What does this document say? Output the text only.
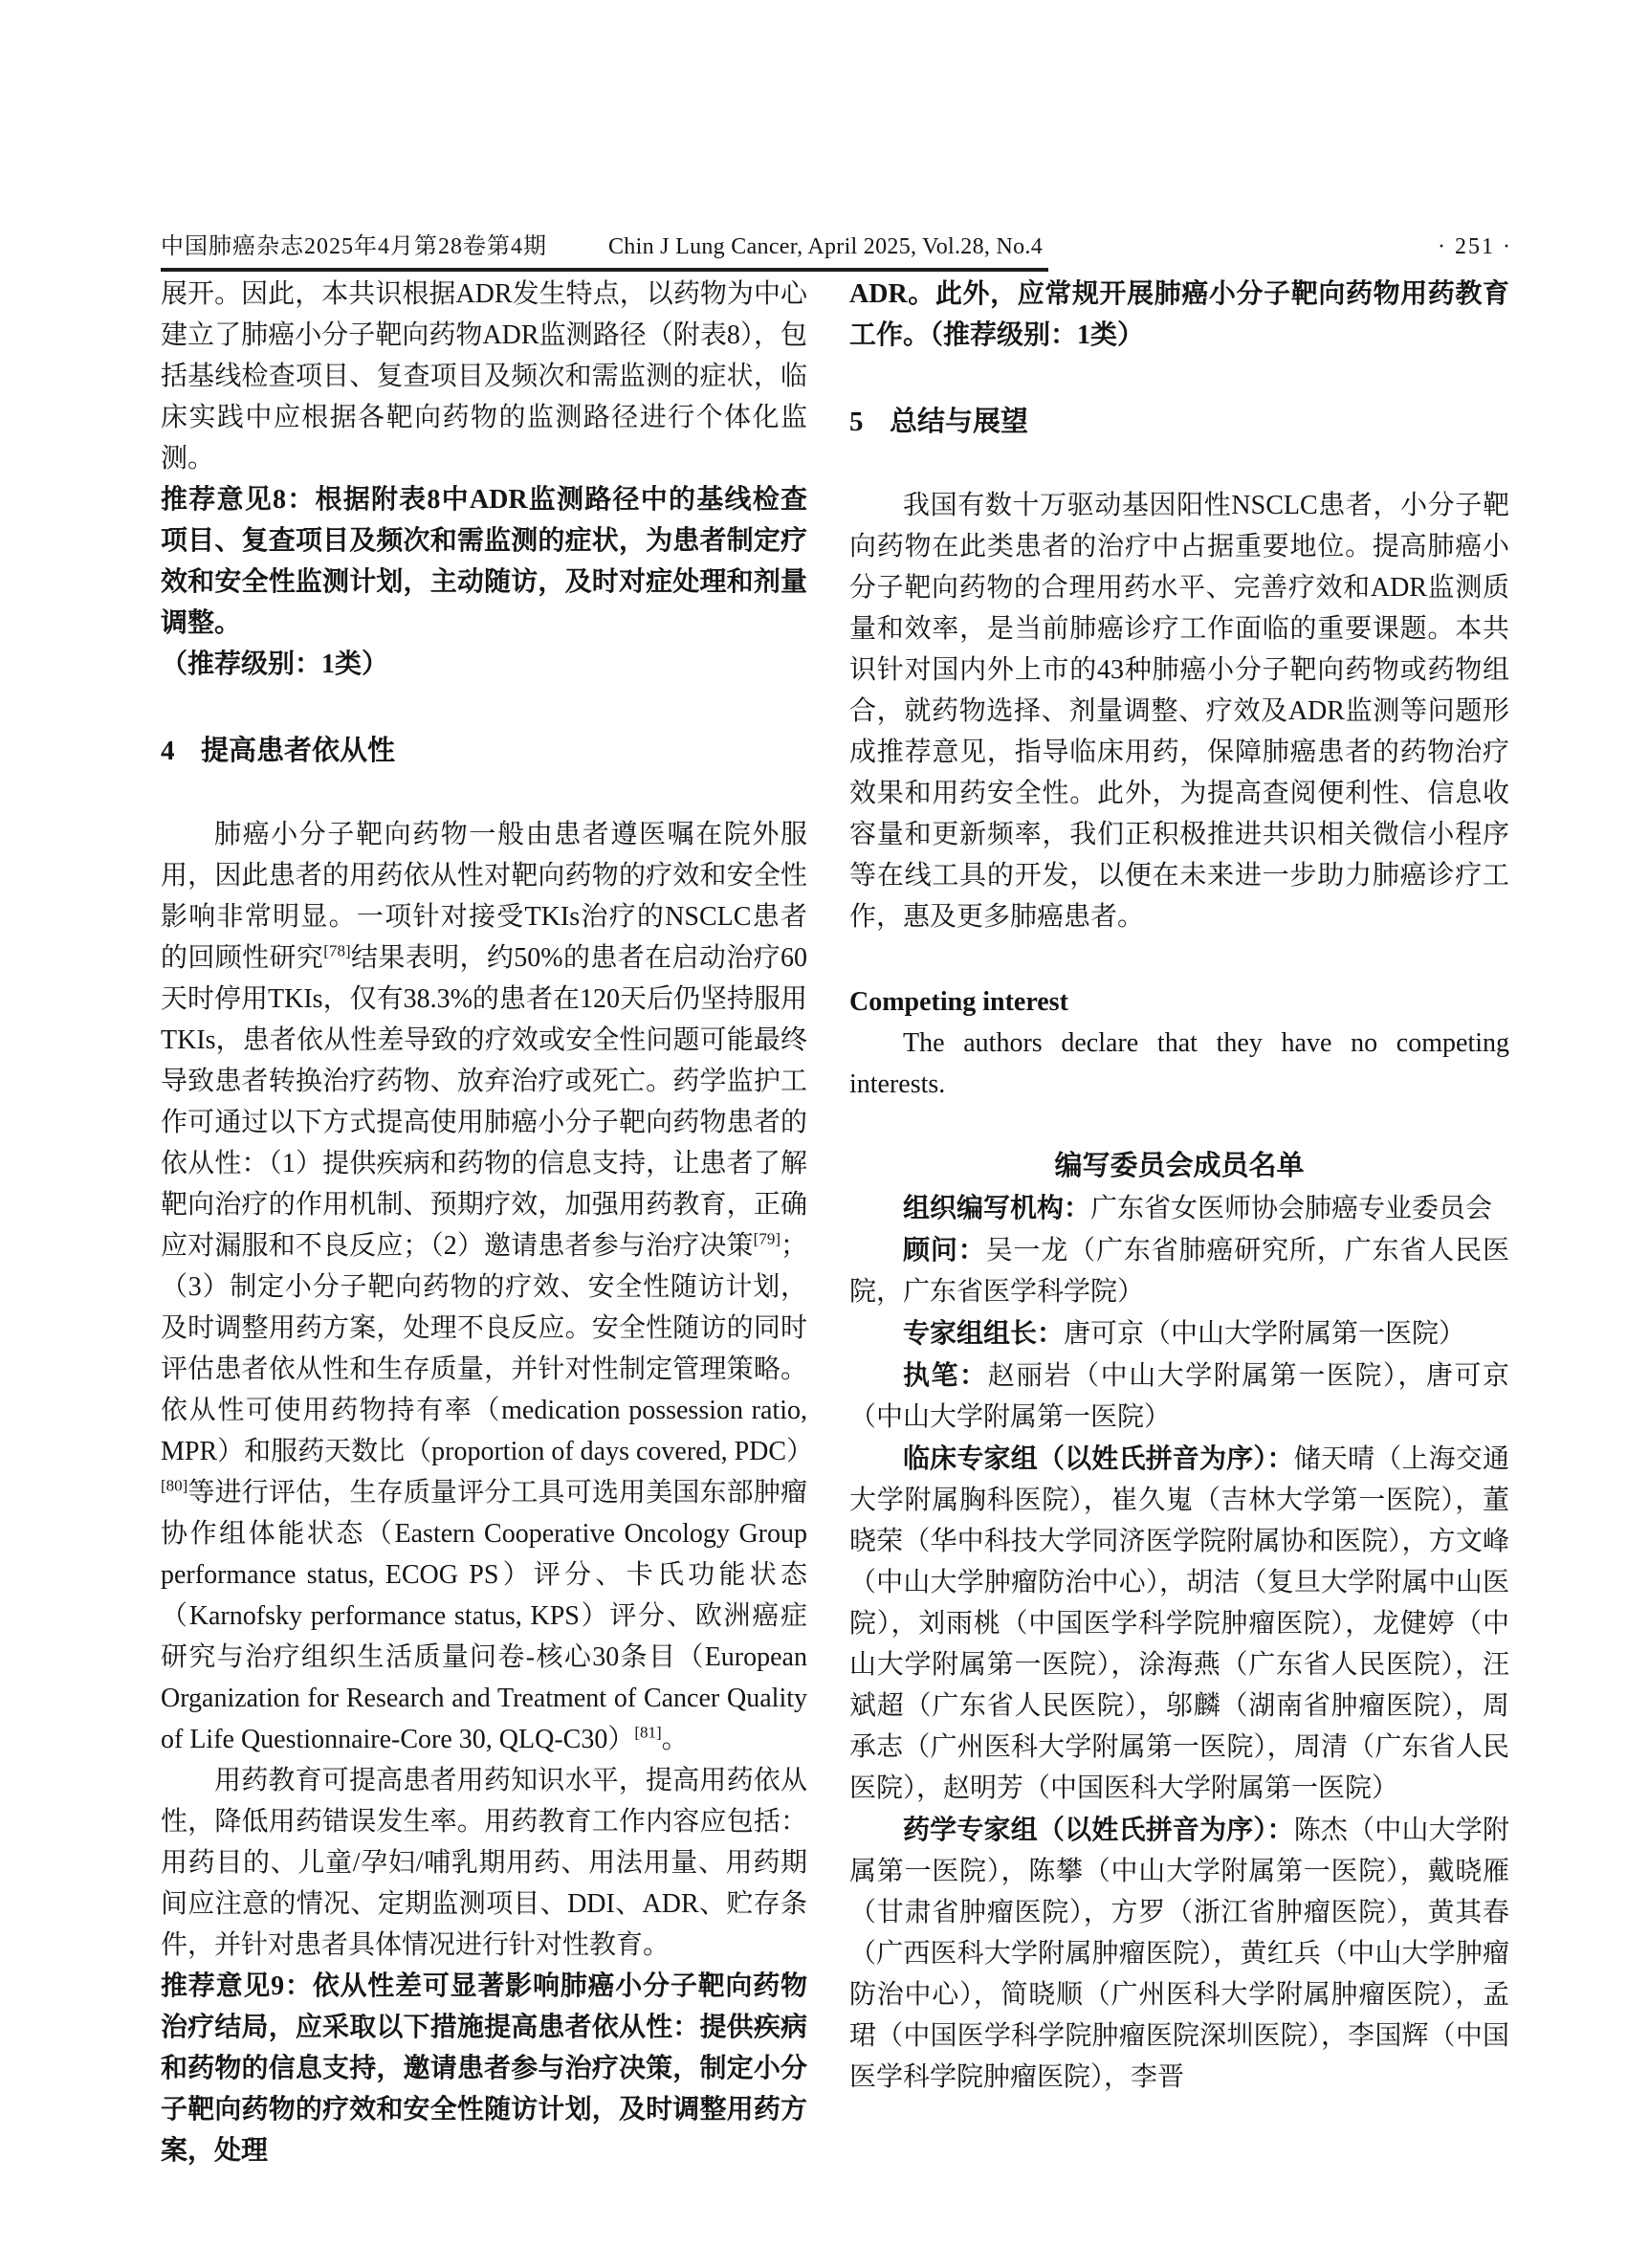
中国肺癌杂志2025年4月第28卷第4期	Chin J Lung Cancer, April 2025, Vol.28, No.4	· 251 ·

展开。因此，本共识根据ADR发生特点，以药物为中心建立了肺癌小分子靶向药物ADR监测路径（附表8），包括基线检查项目、复查项目及频次和需监测的症状，临床实践中应根据各靶向药物的监测路径进行个体化监测。

推荐意见8：根据附表8中ADR监测路径中的基线检查项目、复查项目及频次和需监测的症状，为患者制定疗效和安全性监测计划，主动随访，及时对症处理和剂量调整。

（推荐级别：1类）

4 提高患者依从性

肺癌小分子靶向药物一般由患者遵医嘱在院外服用，因此患者的用药依从性对靶向药物的疗效和安全性影响非常明显。一项针对接受TKIs治疗的NSCLC患者的回顾性研究[78]结果表明，约50%的患者在启动治疗60天时停用TKIs，仅有38.3%的患者在120天后仍坚持服用TKIs，患者依从性差导致的疗效或安全性问题可能最终导致患者转换治疗药物、放弃治疗或死亡。药学监护工作可通过以下方式提高使用肺癌小分子靶向药物患者的依从性：（1）提供疾病和药物的信息支持，让患者了解靶向治疗的作用机制、预期疗效，加强用药教育，正确应对漏服和不良反应；（2）邀请患者参与治疗决策[79]；（3）制定小分子靶向药物的疗效、安全性随访计划，及时调整用药方案，处理不良反应。安全性随访的同时评估患者依从性和生存质量，并针对性制定管理策略。依从性可使用药物持有率（medication possession ratio, MPR）和服药天数比（proportion of days covered, PDC）[80]等进行评估，生存质量评分工具可选用美国东部肿瘤协作组体能状态（Eastern Cooperative Oncology Group performance status, ECOG PS）评分、卡氏功能状态（Karnofsky performance status, KPS）评分、欧洲癌症研究与治疗组织生活质量问卷-核心30条目（European Organization for Research and Treatment of Cancer Quality of Life Questionnaire-Core 30, QLQ-C30）[81]。

用药教育可提高患者用药知识水平，提高用药依从性，降低用药错误发生率。用药教育工作内容应包括：用药目的、儿童/孕妇/哺乳期用药、用法用量、用药期间应注意的情况、定期监测项目、DDI、ADR、贮存条件，并针对患者具体情况进行针对性教育。

推荐意见9：依从性差可显著影响肺癌小分子靶向药物治疗结局，应采取以下措施提高患者依从性：提供疾病和药物的信息支持，邀请患者参与治疗决策，制定小分子靶向药物的疗效和安全性随访计划，及时调整用药方案，处理

ADR。此外，应常规开展肺癌小分子靶向药物用药教育工作。（推荐级别：1类）

5 总结与展望

我国有数十万驱动基因阳性NSCLC患者，小分子靶向药物在此类患者的治疗中占据重要地位。提高肺癌小分子靶向药物的合理用药水平、完善疗效和ADR监测质量和效率，是当前肺癌诊疗工作面临的重要课题。本共识针对国内外上市的43种肺癌小分子靶向药物或药物组合，就药物选择、剂量调整、疗效及ADR监测等问题形成推荐意见，指导临床用药，保障肺癌患者的药物治疗效果和用药安全性。此外，为提高查阅便利性、信息收容量和更新频率，我们正积极推进共识相关微信小程序等在线工具的开发，以便在未来进一步助力肺癌诊疗工作，惠及更多肺癌患者。

Competing interest

The authors declare that they have no competing interests.

编写委员会成员名单

组织编写机构：广东省女医师协会肺癌专业委员会

顾问：吴一龙（广东省肺癌研究所，广东省人民医院，广东省医学科学院）

专家组组长：唐可京（中山大学附属第一医院）

执笔：赵丽岩（中山大学附属第一医院），唐可京（中山大学附属第一医院）

临床专家组（以姓氏拼音为序）：储天晴（上海交通大学附属胸科医院），崔久嵬（吉林大学第一医院），董晓荣（华中科技大学同济医学院附属协和医院），方文峰（中山大学肿瘤防治中心），胡洁（复旦大学附属中山医院），刘雨桃（中国医学科学院肿瘤医院），龙健婷（中山大学附属第一医院），涂海燕（广东省人民医院），汪斌超（广东省人民医院），邬麟（湖南省肿瘤医院），周承志（广州医科大学附属第一医院），周清（广东省人民医院），赵明芳（中国医科大学附属第一医院）

药学专家组（以姓氏拼音为序）：陈杰（中山大学附属第一医院），陈攀（中山大学附属第一医院），戴晓雁（甘肃省肿瘤医院），方罗（浙江省肿瘤医院），黄其春（广西医科大学附属肿瘤医院），黄红兵（中山大学肿瘤防治中心），简晓顺（广州医科大学附属肿瘤医院），孟珺（中国医学科学院肿瘤医院深圳医院），李国辉（中国医学科学院肿瘤医院），李晋
